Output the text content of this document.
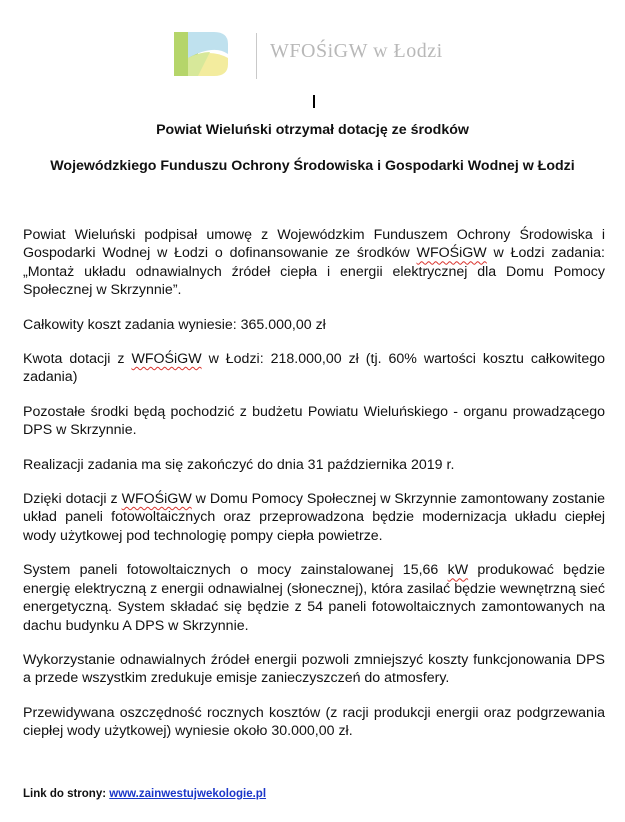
WFOŚiGW w Łodzi
Powiat Wieluński otrzymał dotację ze środków
Wojewódzkiego Funduszu Ochrony Środowiska i Gospodarki Wodnej w Łodzi

Powiat Wieluński podpisał umowę z Wojewódzkim Funduszem Ochrony Środowiska i Gospodarki Wodnej w Łodzi o dofinansowanie ze środków WFOŚiGW w Łodzi zadania: „Montaż układu odnawialnych źródeł ciepła i energii elektrycznej dla Domu Pomocy Społecznej w Skrzynnie”.

Całkowity koszt zadania wyniesie: 365.000,00 zł

Kwota dotacji z WFOŚiGW w Łodzi: 218.000,00 zł (tj. 60% wartości kosztu całkowitego zadania)

Pozostałe środki będą pochodzić z budżetu Powiatu Wieluńskiego - organu prowadzącego DPS w Skrzynnie.

Realizacji zadania ma się zakończyć do dnia 31 października 2019 r.

Dzięki dotacji z WFOŚiGW w Domu Pomocy Społecznej w Skrzynnie zamontowany zostanie układ paneli fotowoltaicznych oraz przeprowadzona będzie modernizacja układu ciepłej wody użytkowej pod technologię pompy ciepła powietrze.

System paneli fotowoltaicznych o mocy zainstalowanej 15,66 kW produkować będzie energię elektryczną z energii odnawialnej (słonecznej), która zasilać będzie wewnętrzną sieć energetyczną. System składać się będzie z 54 paneli fotowoltaicznych zamontowanych na dachu budynku A DPS w Skrzynnie.

Wykorzystanie odnawialnych źródeł energii pozwoli zmniejszyć koszty funkcjonowania DPS a przede wszystkim zredukuje emisje zanieczyszczeń do atmosfery.

Przewidywana oszczędność rocznych kosztów (z racji produkcji energii oraz podgrzewania ciepłej wody użytkowej) wyniesie około 30.000,00 zł.

Link do strony: www.zainwestujwekologie.pl
